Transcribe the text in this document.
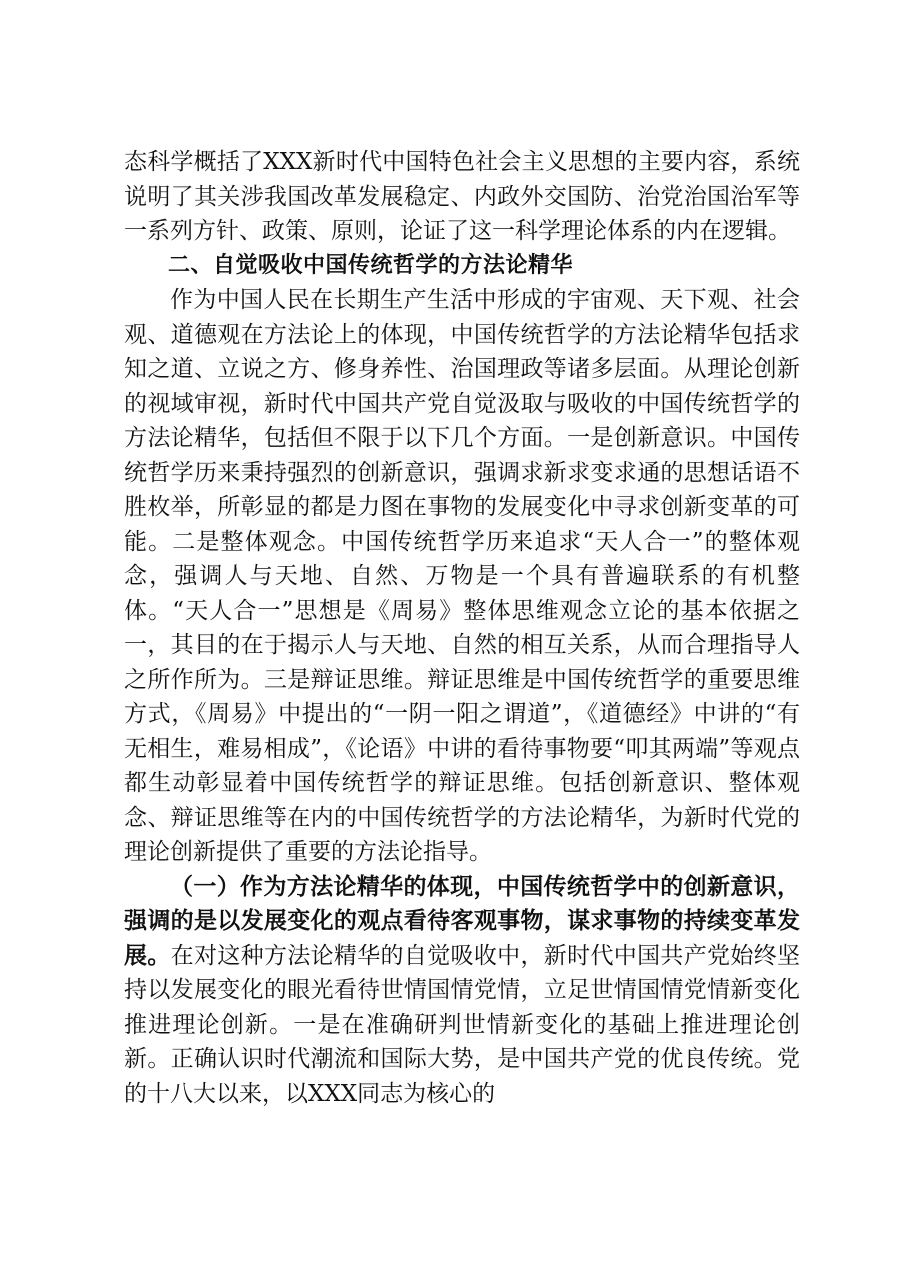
态科学概括了XXX新时代中国特色社会主义思想的主要内容，系统说明了其关涉我国改革发展稳定、内政外交国防、治党治国治军等一系列方针、政策、原则，论证了这一科学理论体系的内在逻辑。

二、自觉吸收中国传统哲学的方法论精华

作为中国人民在长期生产生活中形成的宇宙观、天下观、社会观、道德观在方法论上的体现，中国传统哲学的方法论精华包括求知之道、立说之方、修身养性、治国理政等诸多层面。从理论创新的视域审视，新时代中国共产党自觉汲取与吸收的中国传统哲学的方法论精华，包括但不限于以下几个方面。一是创新意识。中国传统哲学历来秉持强烈的创新意识，强调求新求变求通的思想话语不胜枚举，所彰显的都是力图在事物的发展变化中寻求创新变革的可能。二是整体观念。中国传统哲学历来追求“天人合一”的整体观念，强调人与天地、自然、万物是一个具有普遍联系的有机整体。“天人合一”思想是《周易》整体思维观念立论的基本依据之一，其目的在于揭示人与天地、自然的相互关系，从而合理指导人之所作所为。三是辩证思维。辩证思维是中国传统哲学的重要思维方式，《周易》中提出的“一阴一阳之谓道”，《道德经》中讲的“有无相生，难易相成”，《论语》中讲的看待事物要“叩其两端”等观点都生动彰显着中国传统哲学的辩证思维。包括创新意识、整体观念、辩证思维等在内的中国传统哲学的方法论精华，为新时代党的理论创新提供了重要的方法论指导。

（一）作为方法论精华的体现，中国传统哲学中的创新意识，强调的是以发展变化的观点看待客观事物，谋求事物的持续变革发展。在对这种方法论精华的自觉吸收中，新时代中国共产党始终坚持以发展变化的眼光看待世情国情党情，立足世情国情党情新变化推进理论创新。一是在准确研判世情新变化的基础上推进理论创新。正确认识时代潮流和国际大势，是中国共产党的优良传统。党的十八大以来，以XXX同志为核心的
